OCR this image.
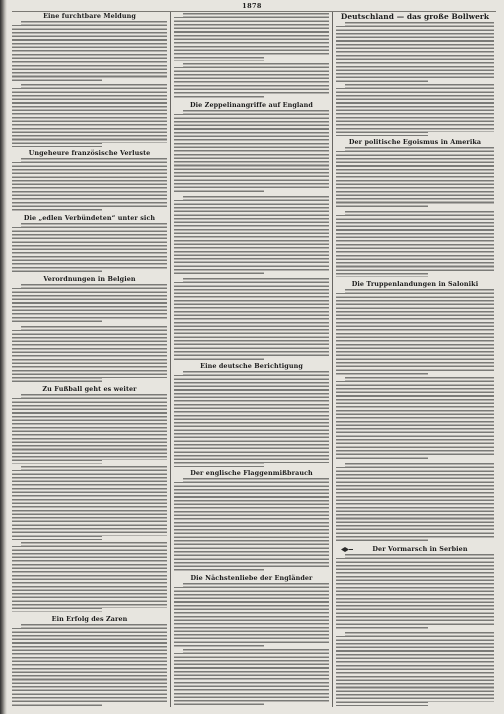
1878
Eine furchtbare Meldung
Ungeheure französische Verluste
Die „edlen Verbündeten“ unter sich
Verordnungen in Belgien
Zu Fußball geht es weiter
Ein Erfolg des Zaren
Die Zeppelinangriffe auf England
Eine deutsche Berichtigung
Der englische Flaggenmißbrauch
Die Nächstenliebe der Engländer
Deutschland — das große Bollwerk
Der politische Egoismus in Amerika
Die Truppenlandungen in Saloniki
Der Vormarsch in Serbien
